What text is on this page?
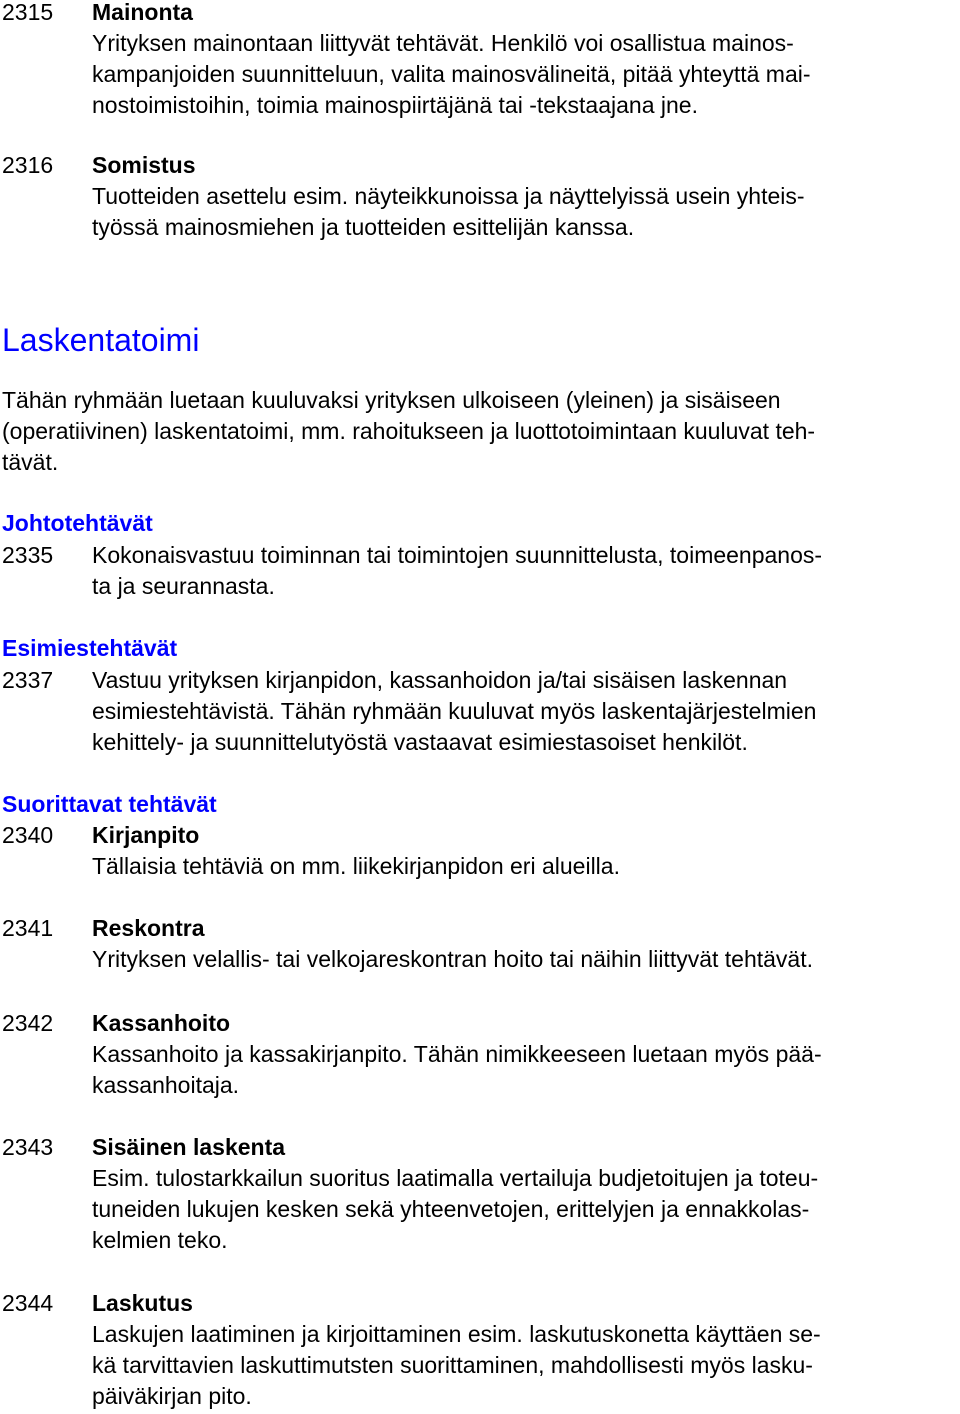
2315	Mainonta
Yrityksen mainontaan liittyvät tehtävät. Henkilö voi osallistua mainos-
kampanjoiden suunnitteluun, valita mainosvälineitä, pitää yhteyttä mai-
nostoimistoihin, toimia mainospiirtäjänä tai -tekstaajana jne.
2316	Somistus
Tuotteiden asettelu esim. näyteikkunoissa ja näyttelyissä usein yhteis-
työssä mainosmiehen ja tuotteiden esittelijän kanssa.
Laskentatoimi
Tähän ryhmään luetaan kuuluvaksi yrityksen ulkoiseen (yleinen) ja sisäiseen
(operatiivinen) laskentatoimi, mm. rahoitukseen ja luottotoimintaan kuuluvat teh-
tävät.
Johtotehtävät
2335	Kokonaisvastuu toiminnan tai toimintojen suunnittelusta, toimeenpanos-
ta ja seurannasta.
Esimiestehtävät
2337	Vastuu yrityksen kirjanpidon, kassanhoidon ja/tai sisäisen laskennan
esimiestehtävistä. Tähän ryhmään kuuluvat myös laskentajärjestelmien
kehittely- ja suunnittelutyöstä vastaavat esimiestasoiset henkilöt.
Suorittavat tehtävät
2340	Kirjanpito
Tällaisia tehtäviä on mm. liikekirjanpidon eri alueilla.
2341	Reskontra
Yrityksen velallis- tai velkojareskontran hoito tai näihin liittyvät tehtävät.
2342	Kassanhoito
Kassanhoito ja kassakirjanpito. Tähän nimikkeeseen luetaan myös pää-
kassanhoitaja.
2343	Sisäinen laskenta
Esim. tulostarkkailun suoritus laatimalla vertailuja budjetoitujen ja toteu-
tuneiden lukujen kesken sekä yhteenvetojen, erittelyjen ja ennakkolas-
kelmien teko.
2344	Laskutus
Laskujen laatiminen ja kirjoittaminen esim. laskutuskonetta käyttäen se-
kä tarvittavien laskuttimutsten suorittaminen, mahdollisesti myös lasku-
päiväkirjan pito.
